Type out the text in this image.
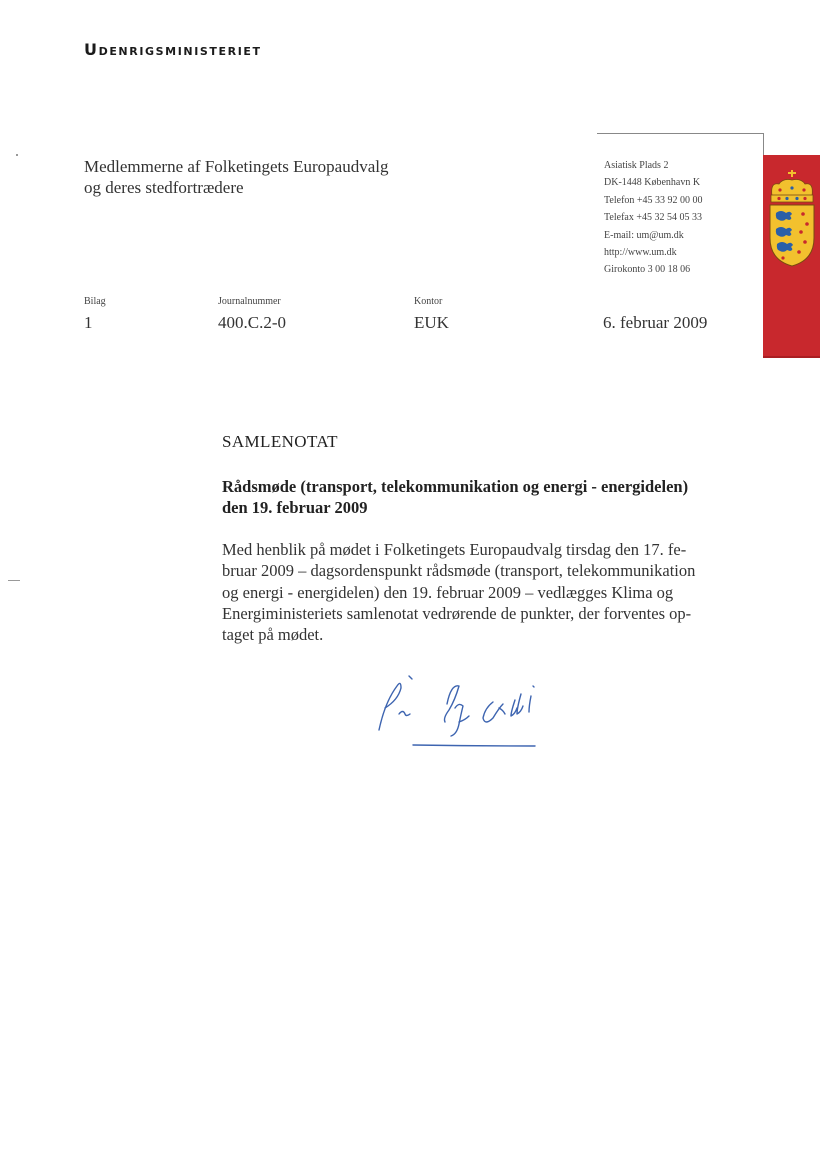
Udenrigsministeriet
Medlemmerne af Folketingets Europaudvalg
og deres stedfortrædere
Asiatisk Plads 2
DK-1448 København K
Telefon +45 33 92 00 00
Telefax +45 32 54 05 33
E-mail: um@um.dk
http://www.um.dk
Girokonto 3 00 18 06
Bilag	Journalnummer	Kontor
1	400.C.2-0	EUK	6. februar 2009
SAMLENOTAT
Rådsmøde (transport, telekommunikation og energi - energidelen)
den 19. februar 2009
Med henblik på mødet i Folketingets Europaudvalg tirsdag den 17. fe-
bruar 2009 – dagsordenspunkt rådsmøde (transport, telekommunikation
og energi - energidelen) den 19. februar 2009 – vedlægges Klima og
Energiministeriets samlenotat vedrørende de punkter, der forventes op-
taget på mødet.
